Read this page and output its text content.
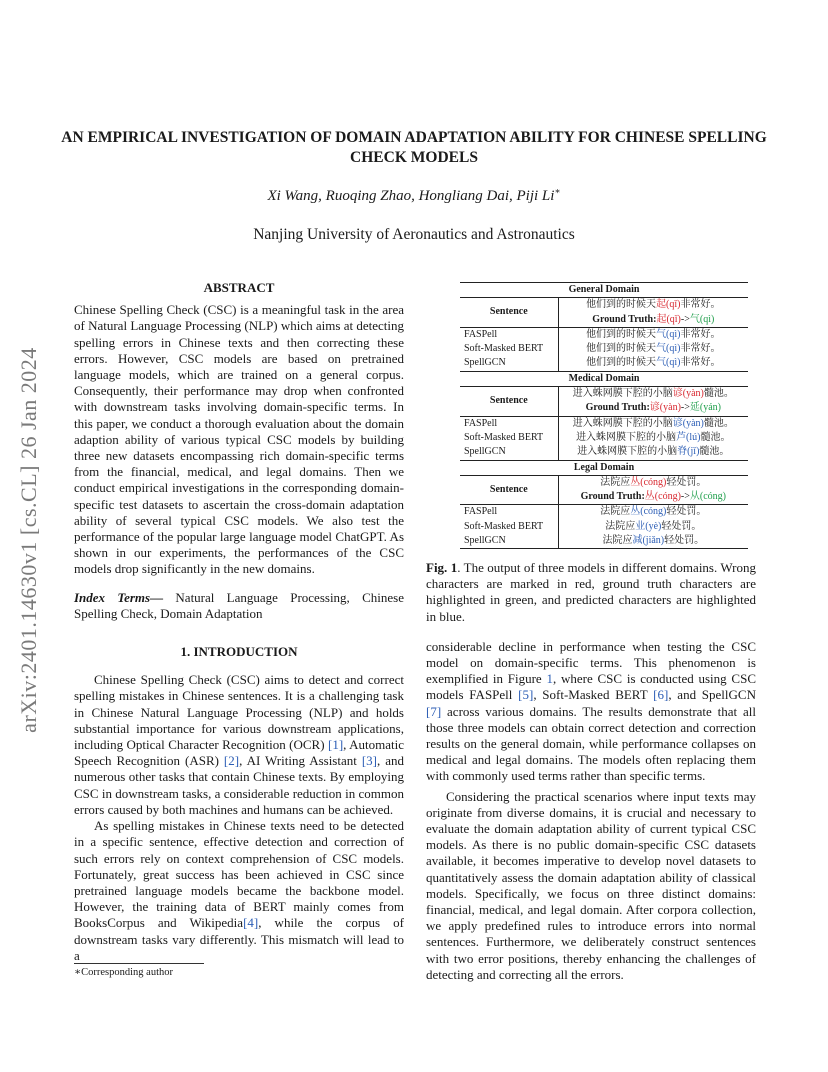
arXiv:2401.14630v1 [cs.CL] 26 Jan 2024
AN EMPIRICAL INVESTIGATION OF DOMAIN ADAPTATION ABILITY FOR CHINESE SPELLING CHECK MODELS
Xi Wang, Ruoqing Zhao, Hongliang Dai, Piji Li∗
Nanjing University of Aeronautics and Astronautics
ABSTRACT

Chinese Spelling Check (CSC) is a meaningful task in the area of Natural Language Processing (NLP) which aims at detecting spelling errors in Chinese texts and then correcting these errors. However, CSC models are based on pretrained language models, which are trained on a general corpus. Consequently, their performance may drop when confronted with downstream tasks involving domain-specific terms. In this paper, we conduct a thorough evaluation about the domain adaption ability of various typical CSC models by building three new datasets encompassing rich domain-specific terms from the financial, medical, and legal domains. Then we conduct empirical investigations in the corresponding domain-specific test datasets to ascertain the cross-domain adaptation ability of several typical CSC models. We also test the performance of the popular large language model ChatGPT. As shown in our experiments, the performances of the CSC models drop significantly in the new domains.

Index Terms— Natural Language Processing, Chinese Spelling Check, Domain Adaptation

1. INTRODUCTION

Chinese Spelling Check (CSC) aims to detect and correct spelling mistakes in Chinese sentences. It is a challenging task in Chinese Natural Language Processing (NLP) and holds substantial importance for various downstream applications, including Optical Character Recognition (OCR) [1], Automatic Speech Recognition (ASR) [2], AI Writing Assistant [3], and numerous other tasks that contain Chinese texts. By employing CSC in downstream tasks, a considerable reduction in common errors caused by both machines and humans can be achieved.

As spelling mistakes in Chinese texts need to be detected in a specific sentence, effective detection and correction of such errors rely on context comprehension of CSC models. Fortunately, great success has been achieved in CSC since pretrained language models became the backbone model. However, the training data of BERT mainly comes from BooksCorpus and Wikipedia[4], while the corpus of downstream tasks vary differently. This mismatch will lead to a

∗Corresponding author
General Domain	
Sentence	他们到的时候天起(qǐ)非常好。
	Ground Truth:起(qǐ)->气(qì)
FASPell	他们到的时候天气(qì)非常好。
Soft-Masked BERT	他们到的时候天气(qì)非常好。
SpellGCN	他们到的时候天气(qì)非常好。
Medical Domain	
Sentence	进入蛛网膜下腔的小脑谚(yàn)髓池。
	Ground Truth:谚(yàn)->延(yán)
FASPell	进入蛛网膜下腔的小脑谚(yàn)髓池。
Soft-Masked BERT	进入蛛网膜下腔的小脑芦(lú)髓池。
SpellGCN	进入蛛网膜下腔的小脑脊(jǐ)髓池。
Legal Domain	
Sentence	法院应丛(cóng)轻处罚。
	Ground Truth:丛(cóng)->从(cóng)
FASPell	法院应丛(cóng)轻处罚。
Soft-Masked BERT	法院应业(yè)轻处罚。
SpellGCN	法院应减(jiǎn)轻处罚。

Fig. 1. The output of three models in different domains. Wrong characters are marked in red, ground truth characters are highlighted in green, and predicted characters are highlighted in blue.

considerable decline in performance when testing the CSC model on domain-specific terms. This phenomenon is exemplified in Figure 1, where CSC is conducted using CSC models FASPell [5], Soft-Masked BERT [6], and SpellGCN [7] across various domains. The results demonstrate that all those three models can obtain correct detection and correction results on the general domain, while performance collapses on medical and legal domains. The models often replacing them with commonly used terms rather than specific terms.

Considering the practical scenarios where input texts may originate from diverse domains, it is crucial and necessary to evaluate the domain adaptation ability of current typical CSC models. As there is no public domain-specific CSC datasets available, it becomes imperative to develop novel datasets to quantitatively assess the domain adaptation ability of classical models. Specifically, we focus on three distinct domains: financial, medical, and legal domain. After corpora collection, we apply predefined rules to introduce errors into normal sentences. Furthermore, we deliberately construct sentences with two error positions, thereby enhancing the challenges of detecting and correcting all the errors.
